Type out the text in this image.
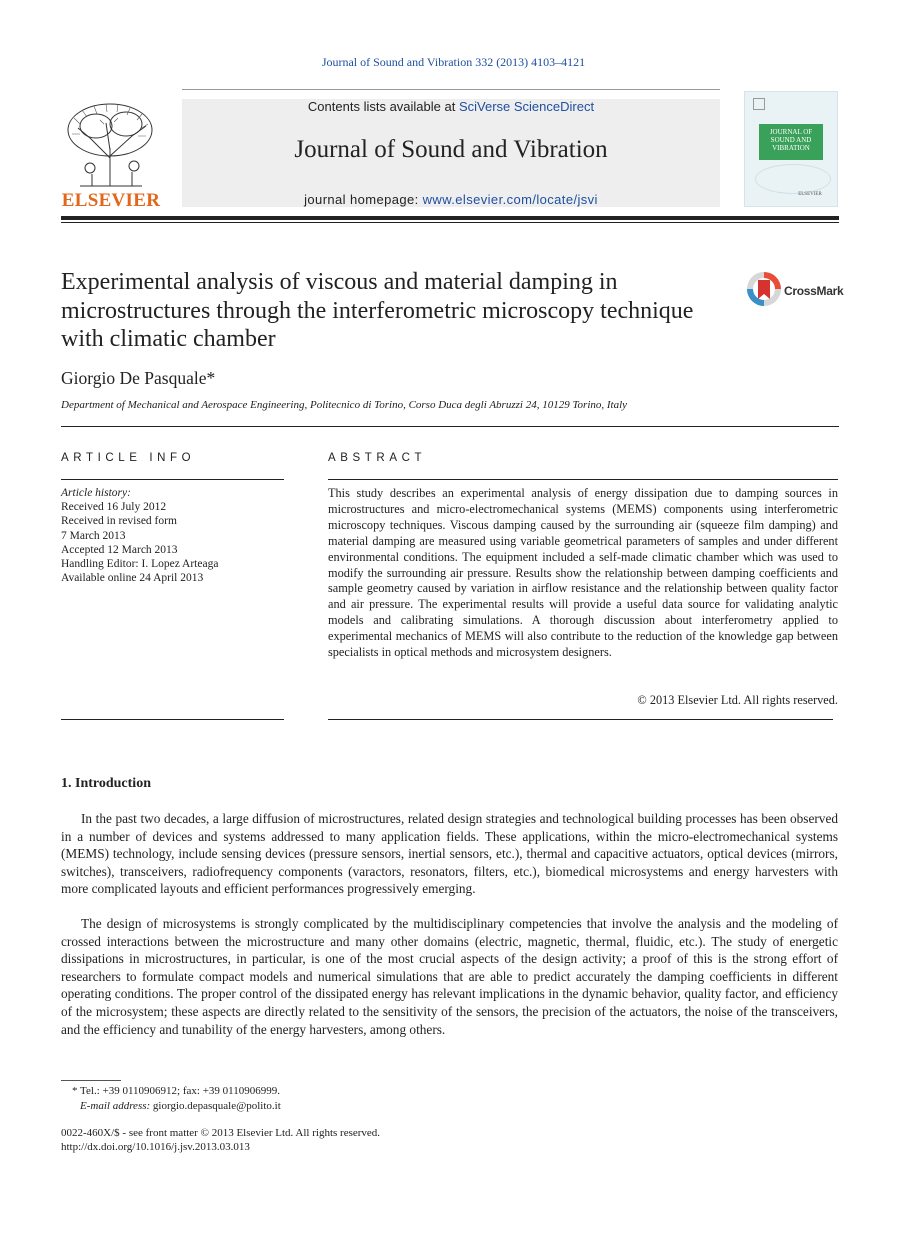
Journal of Sound and Vibration 332 (2013) 4103–4121
ELSEVIER
Contents lists available at SciVerse ScienceDirect
Journal of Sound and Vibration
journal homepage: www.elsevier.com/locate/jsvi
JOURNAL OF SOUND AND VIBRATION
ELSEVIER
Experimental analysis of viscous and material damping in microstructures through the interferometric microscopy technique with climatic chamber
CrossMark
Giorgio De Pasquale*
Department of Mechanical and Aerospace Engineering, Politecnico di Torino, Corso Duca degli Abruzzi 24, 10129 Torino, Italy
ARTICLE INFO	ABSTRACT
Article history:
Received 16 July 2012
Received in revised form
7 March 2013
Accepted 12 March 2013
Handling Editor: I. Lopez Arteaga
Available online 24 April 2013
This study describes an experimental analysis of energy dissipation due to damping sources in microstructures and micro-electromechanical systems (MEMS) components using interferometric microscopy techniques. Viscous damping caused by the surrounding air (squeeze film damping) and material damping are measured using variable geometrical parameters of samples and under different environmental conditions. The equipment included a self-made climatic chamber which was used to modify the surrounding air pressure. Results show the relationship between damping coefficients and sample geometry caused by variation in airflow resistance and the relationship between quality factor and air pressure. The experimental results will provide a useful data source for validating analytic models and calibrating simulations. A thorough discussion about interferometry applied to experimental mechanics of MEMS will also contribute to the reduction of the knowledge gap between specialists in optical methods and microsystem designers.
© 2013 Elsevier Ltd. All rights reserved.
1. Introduction
In the past two decades, a large diffusion of microstructures, related design strategies and technological building processes has been observed in a number of devices and systems addressed to many application fields. These applications, within the micro-electromechanical systems (MEMS) technology, include sensing devices (pressure sensors, inertial sensors, etc.), thermal and capacitive actuators, optical devices (mirrors, switches), transceivers, radiofrequency components (varactors, resonators, filters, etc.), biomedical microsystems and energy harvesters with more complicated layouts and efficient performances progressively emerging.
The design of microsystems is strongly complicated by the multidisciplinary competencies that involve the analysis and the modeling of crossed interactions between the microstructure and many other domains (electric, magnetic, thermal, fluidic, etc.). The study of energetic dissipations in microstructures, in particular, is one of the most crucial aspects of the design activity; a proof of this is the strong effort of researchers to formulate compact models and numerical simulations that are able to predict accurately the damping coefficients in different operating conditions. The proper control of the dissipated energy has relevant implications in the dynamic behavior, quality factor, and efficiency of the microsystem; these aspects are directly related to the sensitivity of the sensors, the precision of the actuators, the noise of the transceivers, and the efficiency and tunability of the energy harvesters, among others.
* Tel.: +39 0110906912; fax: +39 0110906999.
E-mail address: giorgio.depasquale@polito.it
0022-460X/$ - see front matter © 2013 Elsevier Ltd. All rights reserved.
http://dx.doi.org/10.1016/j.jsv.2013.03.013
